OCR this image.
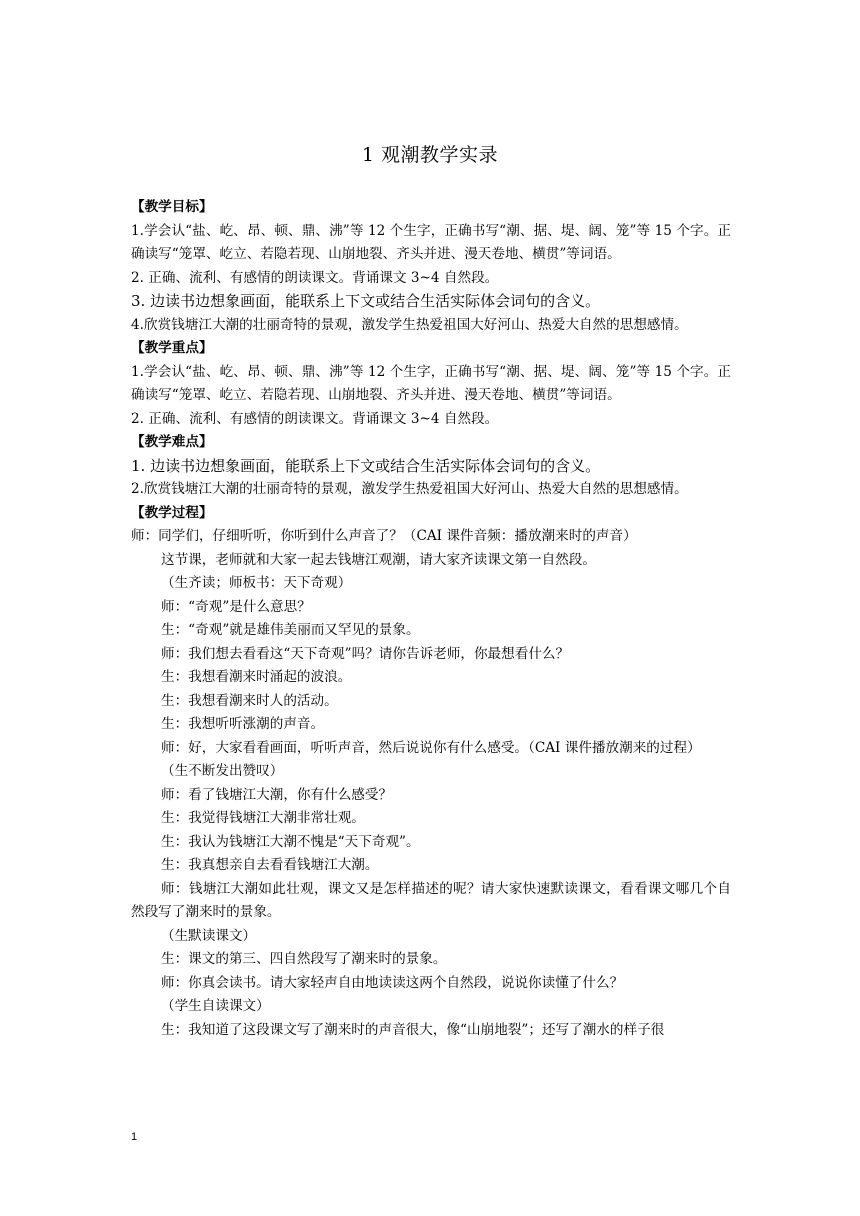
1 观潮教学实录

【教学目标】

1.学会认“盐、屹、昂、顿、鼎、沸”等 12 个生字，正确书写“潮、据、堤、阔、笼”等 15 个字。正确读写“笼罩、屹立、若隐若现、山崩地裂、齐头并进、漫天卷地、横贯”等词语。

2. 正确、流利、有感情的朗读课文。背诵课文 3~4 自然段。

3. 边读书边想象画面，能联系上下文或结合生活实际体会词句的含义。

4.欣赏钱塘江大潮的壮丽奇特的景观，激发学生热爱祖国大好河山、热爱大自然的思想感情。

【教学重点】

1.学会认“盐、屹、昂、顿、鼎、沸”等 12 个生字，正确书写“潮、据、堤、阔、笼”等 15 个字。正确读写“笼罩、屹立、若隐若现、山崩地裂、齐头并进、漫天卷地、横贯”等词语。

2. 正确、流利、有感情的朗读课文。背诵课文 3~4 自然段。

【教学难点】

1. 边读书边想象画面，能联系上下文或结合生活实际体会词句的含义。

2.欣赏钱塘江大潮的壮丽奇特的景观，激发学生热爱祖国大好河山、热爱大自然的思想感情。

【教学过程】

师：同学们，仔细听听，你听到什么声音了？（CAI 课件音频：播放潮来时的声音）

这节课，老师就和大家一起去钱塘江观潮，请大家齐读课文第一自然段。

（生齐读；师板书：天下奇观）

师：“奇观”是什么意思？

生：“奇观”就是雄伟美丽而又罕见的景象。

师：我们想去看看这“天下奇观”吗？请你告诉老师，你最想看什么？

生：我想看潮来时涌起的波浪。

生：我想看潮来时人的活动。

生：我想听听涨潮的声音。

师：好，大家看看画面，听听声音，然后说说你有什么感受。（CAI 课件播放潮来的过程）

（生不断发出赞叹）

师：看了钱塘江大潮，你有什么感受？

生：我觉得钱塘江大潮非常壮观。

生：我认为钱塘江大潮不愧是“天下奇观”。

生：我真想亲自去看看钱塘江大潮。

师：钱塘江大潮如此壮观，课文又是怎样描述的呢？请大家快速默读课文，看看课文哪几个自然段写了潮来时的景象。

（生默读课文）

生：课文的第三、四自然段写了潮来时的景象。

师：你真会读书。请大家轻声自由地读读这两个自然段，说说你读懂了什么？

（学生自读课文）

生：我知道了这段课文写了潮来时的声音很大，像“山崩地裂”；还写了潮水的样子很

1
